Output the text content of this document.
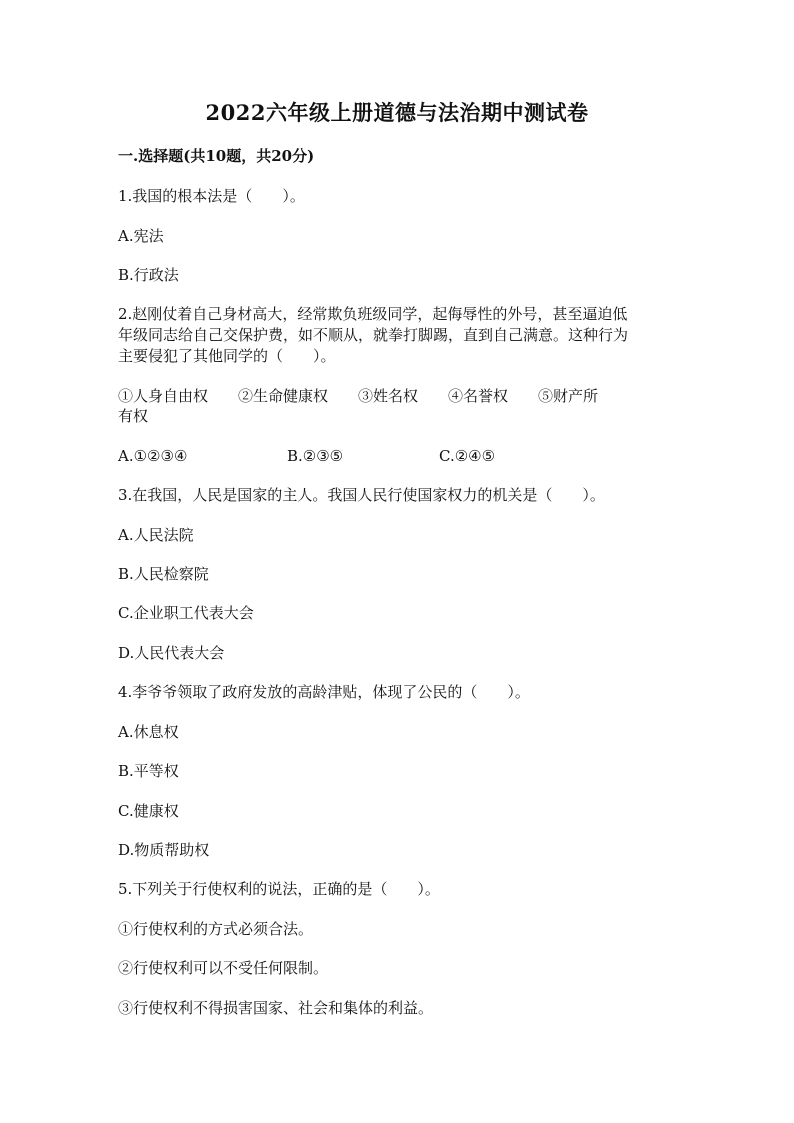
2022六年级上册道德与法治期中测试卷
一.选择题(共10题，共20分)
1.我国的根本法是（　　）。
A.宪法
B.行政法
2.赵刚仗着自己身材高大，经常欺负班级同学，起侮辱性的外号，甚至逼迫低
年级同志给自己交保护费，如不顺从，就拳打脚踢，直到自己满意。这种行为
主要侵犯了其他同学的（　　）。
①人身自由权　　②生命健康权　　③姓名权　　④名誉权　　⑤财产所
有权
A.①②③④	B.②③⑤	C.②④⑤
3.在我国，人民是国家的主人。我国人民行使国家权力的机关是（　　）。
A.人民法院
B.人民检察院
C.企业职工代表大会
D.人民代表大会
4.李爷爷领取了政府发放的高龄津贴，体现了公民的（　　）。
A.休息权
B.平等权
C.健康权
D.物质帮助权
5.下列关于行使权利的说法，正确的是（　　）。
①行使权利的方式必须合法。
②行使权利可以不受任何限制。
③行使权利不得损害国家、社会和集体的利益。
